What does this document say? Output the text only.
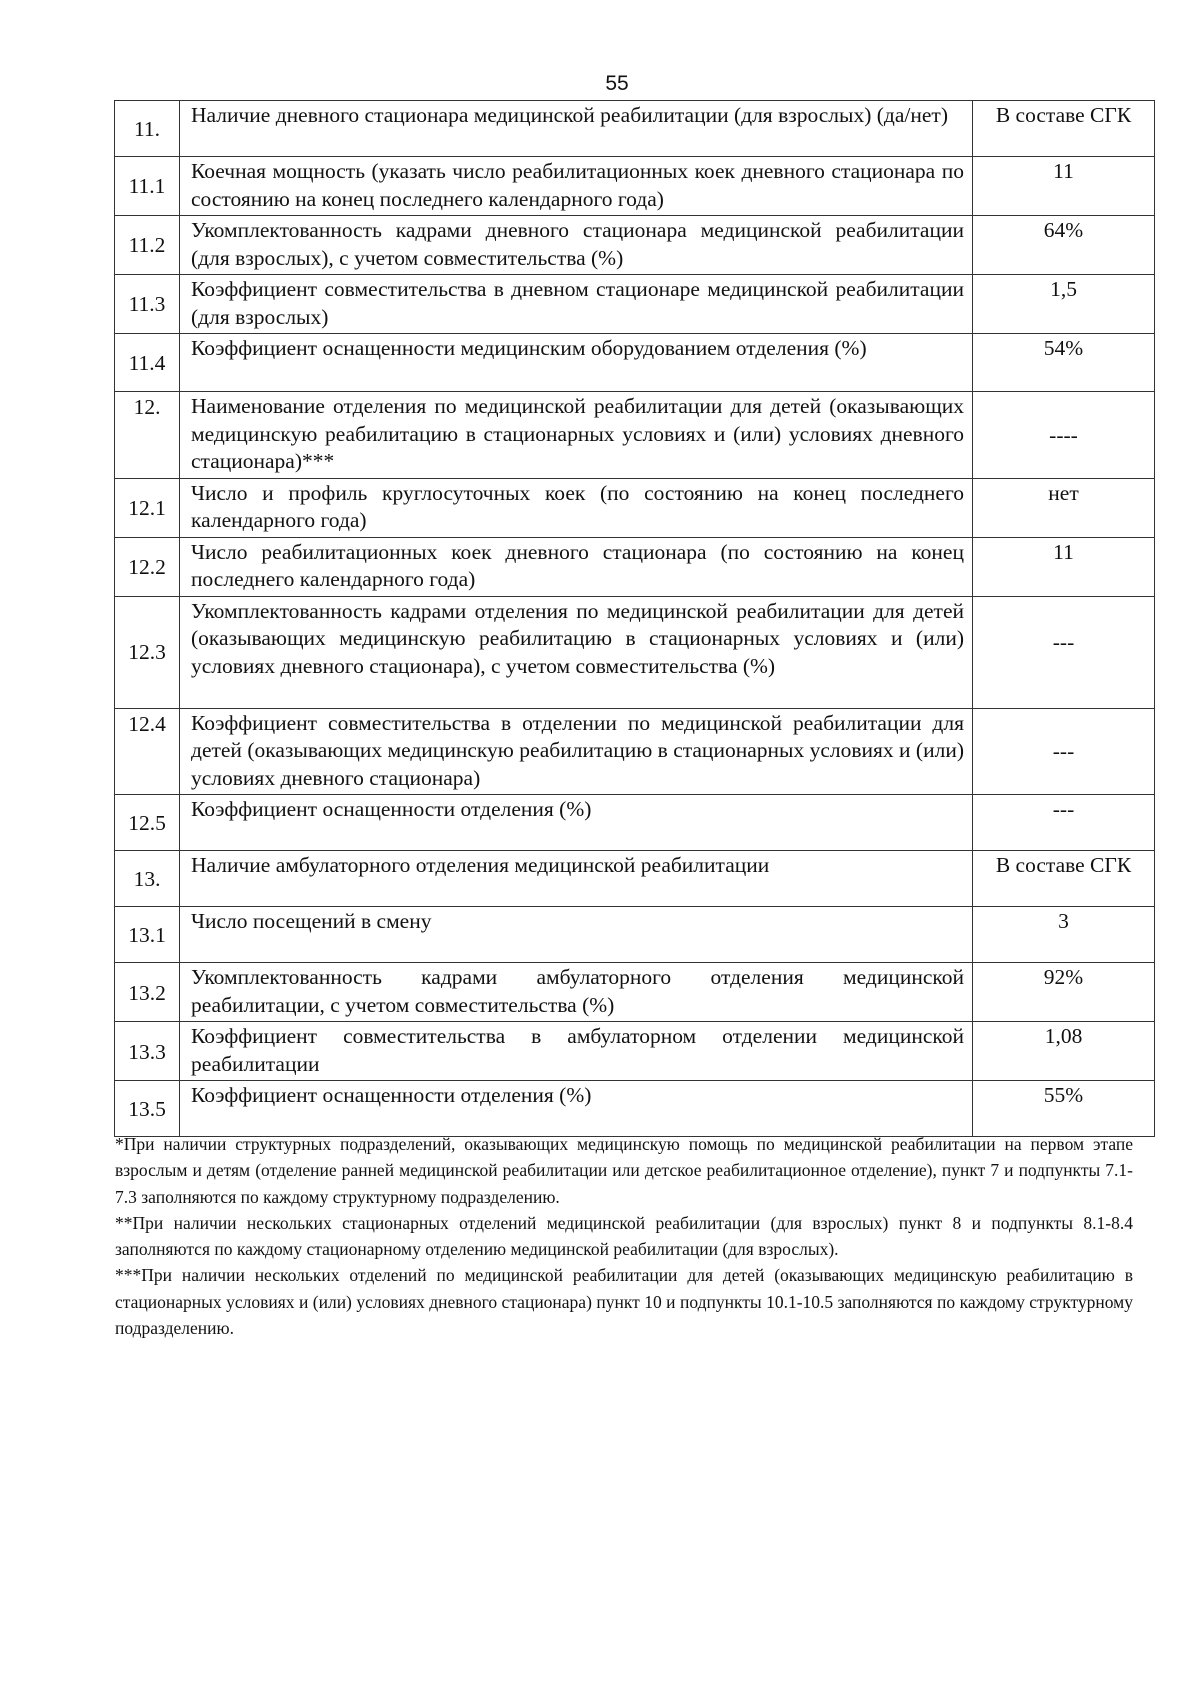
55
11.	Наличие дневного стационара медицинской реабилитации (для взрослых) (да/нет)	В составе СГК
11.1	Коечная мощность (указать число реабилитационных коек дневного стационара по состоянию на конец последнего календарного года)	11
11.2	Укомплектованность кадрами дневного стационара медицинской реабилитации (для взрослых), с учетом совместительства (%)	64%
11.3	Коэффициент совместительства в дневном стационаре медицинской реабилитации (для взрослых)	1,5
11.4	Коэффициент оснащенности медицинским оборудованием отделения (%)	54%
12.	Наименование отделения по медицинской реабилитации для детей (оказывающих медицинскую реабилитацию в стационарных условиях и (или) условиях дневного стационара)***	----
12.1	Число и профиль круглосуточных коек (по состоянию на конец последнего календарного года)	нет
12.2	Число реабилитационных коек дневного стационара (по состоянию на конец последнего календарного года)	11
12.3	Укомплектованность кадрами отделения по медицинской реабилитации для детей (оказывающих медицинскую реабилитацию в стационарных условиях и (или) условиях дневного стационара), с учетом совместительства (%)	---
12.4	Коэффициент совместительства в отделении по медицинской реабилитации для детей (оказывающих медицинскую реабилитацию в стационарных условиях и (или) условиях дневного стационара)	---
12.5	Коэффициент оснащенности отделения (%)	---
13.	Наличие амбулаторного отделения медицинской реабилитации	В составе СГК
13.1	Число посещений в смену	3
13.2	Укомплектованность кадрами амбулаторного отделения медицинской реабилитации, с учетом совместительства (%)	92%
13.3	Коэффициент совместительства в амбулаторном отделении медицинской реабилитации	1,08
13.5	Коэффициент оснащенности отделения (%)	55%

*При наличии структурных подразделений, оказывающих медицинскую помощь по медицинской реабилитации на первом этапе взрослым и детям (отделение ранней медицинской реабилитации или детское реабилитационное отделение), пункт 7 и подпункты 7.1-7.3 заполняются по каждому структурному подразделению.

**При наличии нескольких стационарных отделений медицинской реабилитации (для взрослых) пункт 8 и подпункты 8.1-8.4 заполняются по каждому стационарному отделению медицинской реабилитации (для взрослых).

***При наличии нескольких отделений по медицинской реабилитации для детей (оказывающих медицинскую реабилитацию в стационарных условиях и (или) условиях дневного стационара) пункт 10 и подпункты 10.1-10.5 заполняются по каждому структурному подразделению.
